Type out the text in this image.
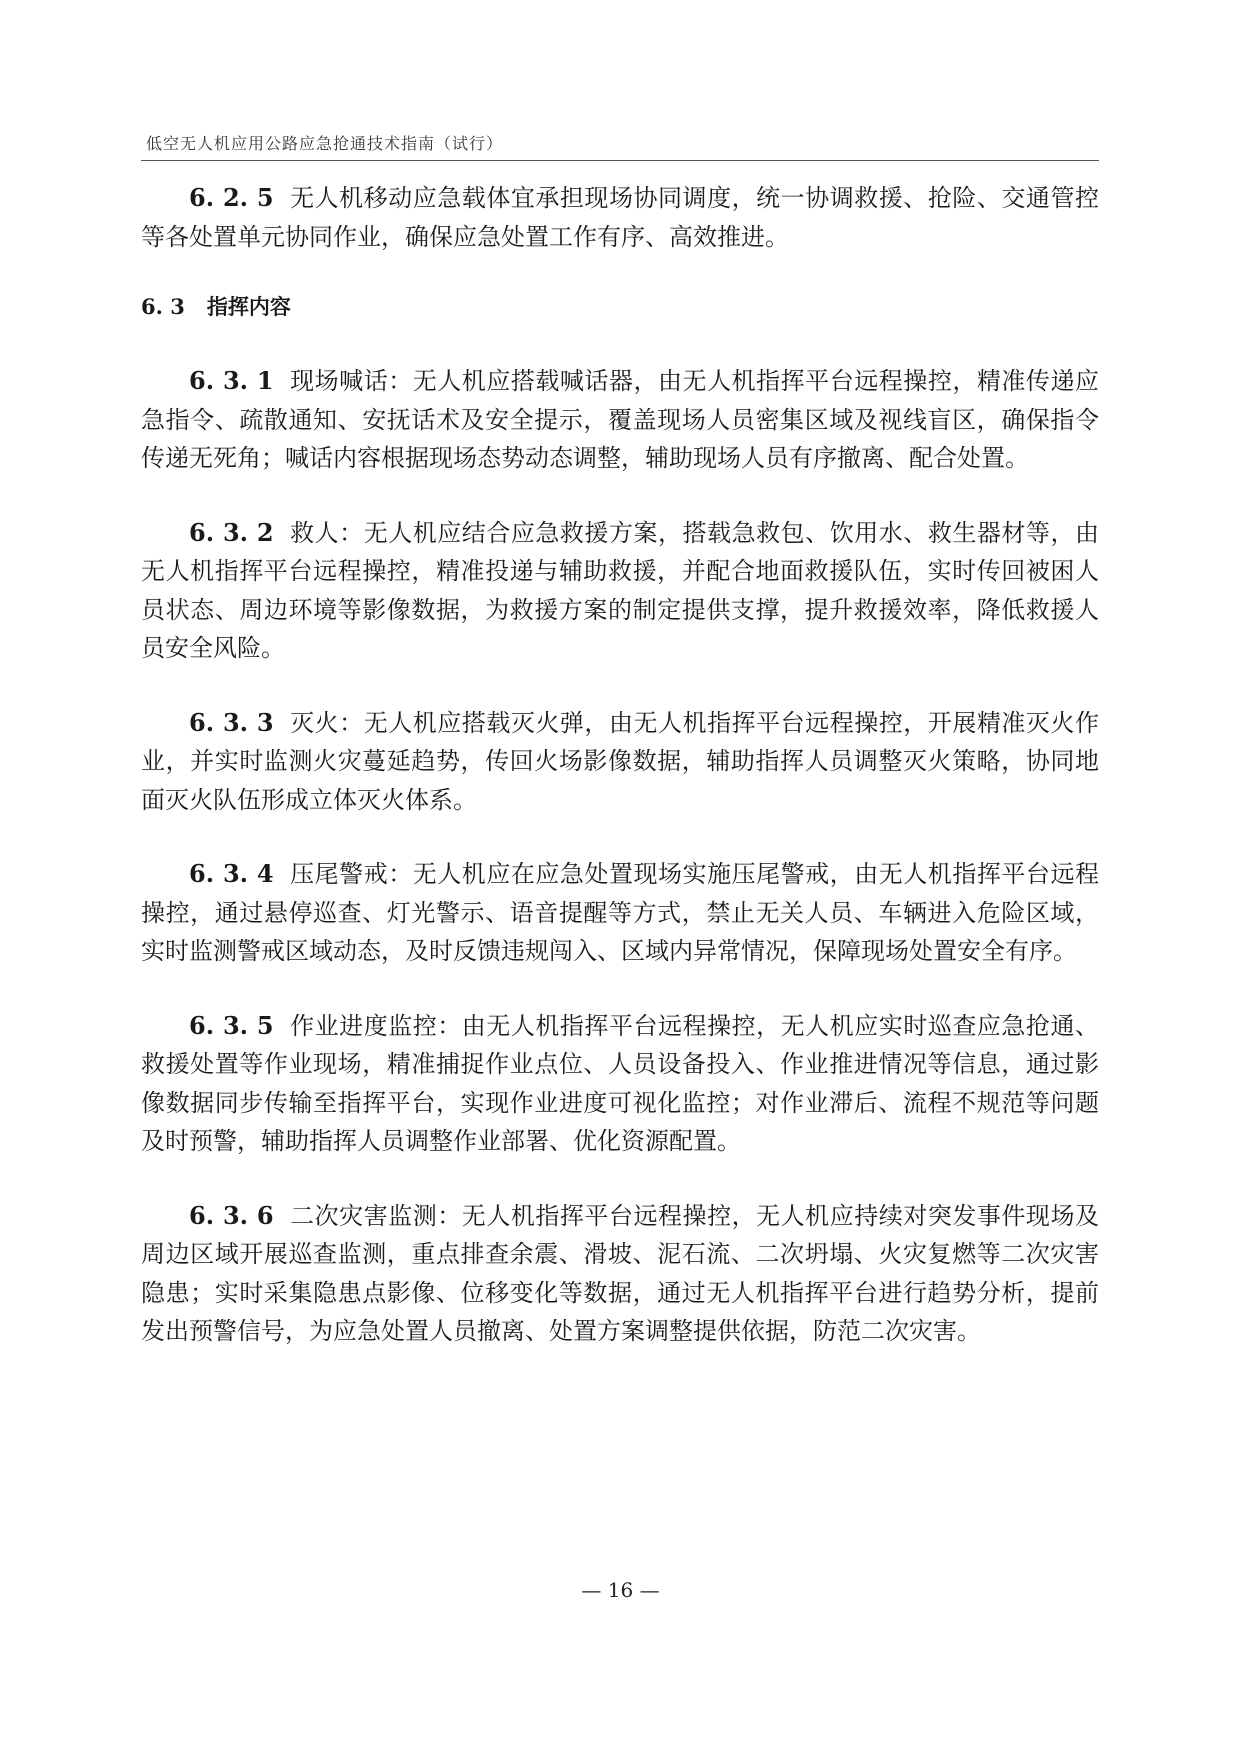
低空无人机应用公路应急抢通技术指南（试行）

6. 2. 5 无人机移动应急载体宜承担现场协同调度，统一协调救援、抢险、交通管控等各处置单元协同作业，确保应急处置工作有序、高效推进。

6. 3 指挥内容

6. 3. 1 现场喊话：无人机应搭载喊话器，由无人机指挥平台远程操控，精准传递应急指令、疏散通知、安抚话术及安全提示，覆盖现场人员密集区域及视线盲区，确保指令传递无死角；喊话内容根据现场态势动态调整，辅助现场人员有序撤离、配合处置。

6. 3. 2 救人：无人机应结合应急救援方案，搭载急救包、饮用水、救生器材等，由无人机指挥平台远程操控，精准投递与辅助救援，并配合地面救援队伍，实时传回被困人员状态、周边环境等影像数据，为救援方案的制定提供支撑，提升救援效率，降低救援人员安全风险。

6. 3. 3 灭火：无人机应搭载灭火弹，由无人机指挥平台远程操控，开展精准灭火作业，并实时监测火灾蔓延趋势，传回火场影像数据，辅助指挥人员调整灭火策略，协同地面灭火队伍形成立体灭火体系。

6. 3. 4 压尾警戒：无人机应在应急处置现场实施压尾警戒，由无人机指挥平台远程操控，通过悬停巡查、灯光警示、语音提醒等方式，禁止无关人员、车辆进入危险区域，实时监测警戒区域动态，及时反馈违规闯入、区域内异常情况，保障现场处置安全有序。

6. 3. 5 作业进度监控：由无人机指挥平台远程操控，无人机应实时巡查应急抢通、救援处置等作业现场，精准捕捉作业点位、人员设备投入、作业推进情况等信息，通过影像数据同步传输至指挥平台，实现作业进度可视化监控；对作业滞后、流程不规范等问题及时预警，辅助指挥人员调整作业部署、优化资源配置。

6. 3. 6 二次灾害监测：无人机指挥平台远程操控，无人机应持续对突发事件现场及周边区域开展巡查监测，重点排查余震、滑坡、泥石流、二次坍塌、火灾复燃等二次灾害隐患；实时采集隐患点影像、位移变化等数据，通过无人机指挥平台进行趋势分析，提前发出预警信号，为应急处置人员撤离、处置方案调整提供依据，防范二次灾害。

— 16 —
